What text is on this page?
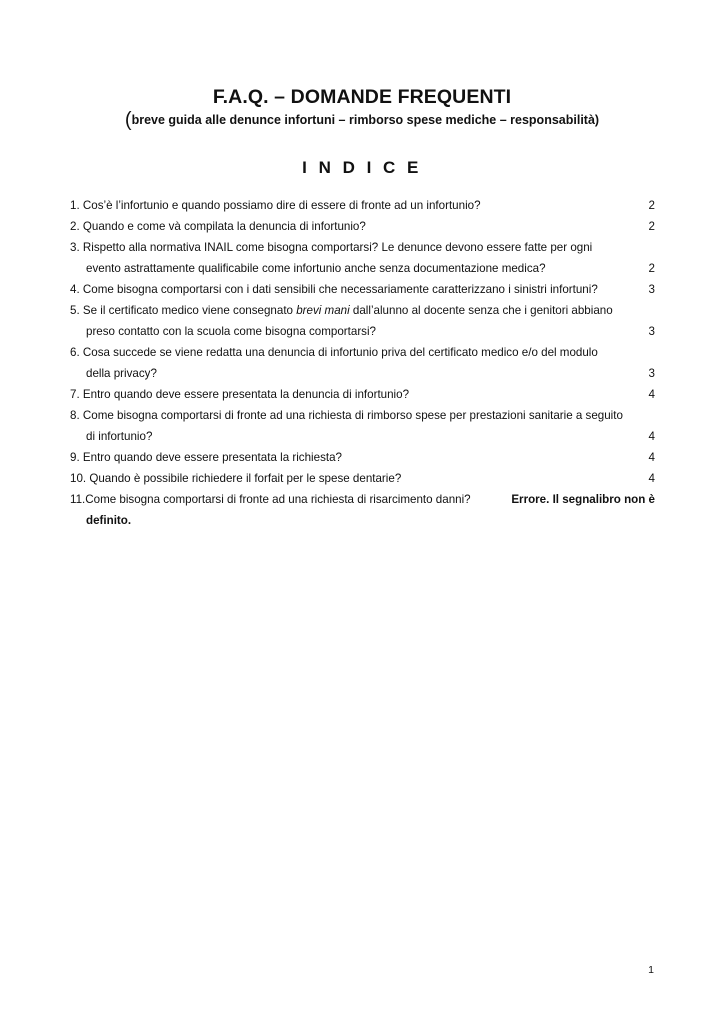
F.A.Q. – DOMANDE FREQUENTI
(breve guida alle denunce infortuni – rimborso spese mediche – responsabilità)
I N D I C E
1. Cos’è l’infortunio e quando possiamo dire di essere di fronte ad un infortunio?	2
2. Quando e come và compilata la denuncia di infortunio?	2
3. Rispetto alla normativa INAIL come bisogna comportarsi? Le denunce devono essere fatte per ogni
evento astrattamente qualificabile come infortunio anche senza documentazione medica?	2
4. Come bisogna comportarsi con i dati sensibili che necessariamente caratterizzano i sinistri infortuni?	3
5. Se il certificato medico viene consegnato brevi mani dall’alunno al docente senza che i genitori abbiano
preso contatto con la scuola come bisogna comportarsi?	3
6. Cosa succede se viene redatta una denuncia di infortunio priva del certificato medico e/o del modulo
della privacy?	3
7. Entro quando deve essere presentata la denuncia di infortunio?	4
8. Come bisogna comportarsi di fronte ad una richiesta di rimborso spese per prestazioni sanitarie a seguito
di infortunio?	4
9. Entro quando deve essere presentata la richiesta?	4
10. Quando è possibile richiedere il forfait per le spese dentarie?	4
11.Come bisogna comportarsi di fronte ad una richiesta di risarcimento danni?	Errore. Il segnalibro non è
definito.
1
